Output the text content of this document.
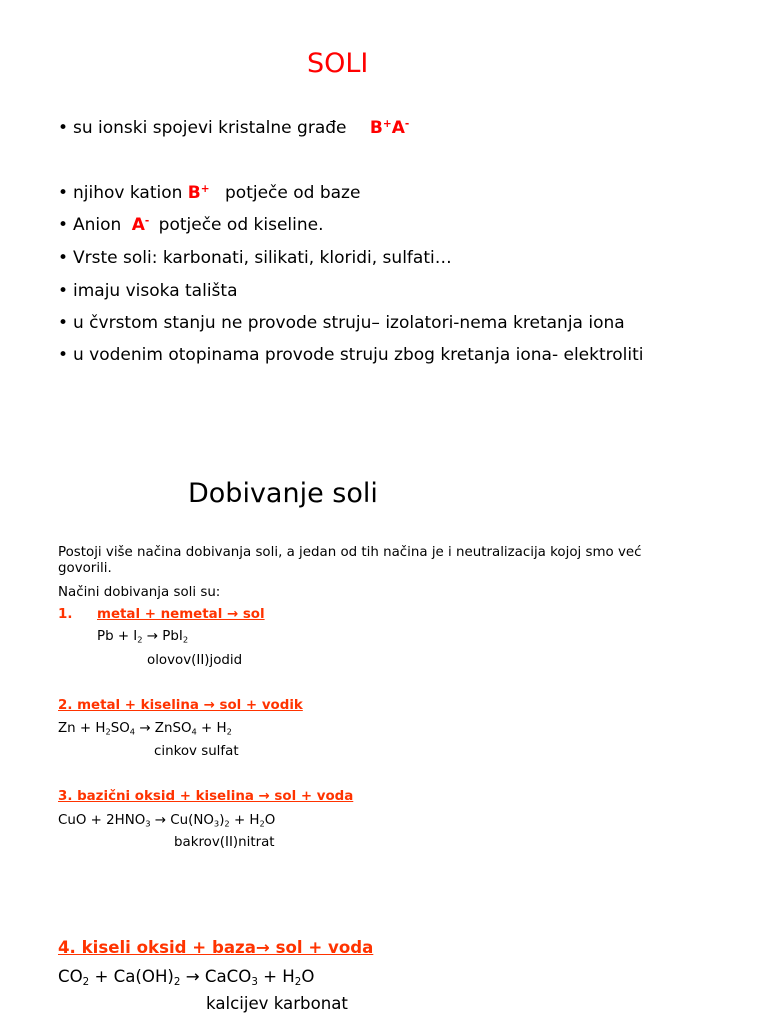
SOLI
• su ionski spojevi kristalne građe B+A-
• njihov kation B+ potječe od baze
• Anion A- potječe od kiseline.
• Vrste soli: karbonati, silikati, kloridi, sulfati…
• imaju visoka tališta
• u čvrstom stanju ne provode struju– izolatori-nema kretanja iona
• u vodenim otopinama provode struju zbog kretanja iona- elektroliti
Dobivanje soli
Postoji više načina dobivanja soli, a jedan od tih načina je i neutralizacija kojoj smo već
govorili.
Načini dobivanja soli su:
1. metal + nemetal → sol
$Pb + I_2 \to PbI_2$
olovov(II)jodid
2. metal + kiselina → sol + vodik
$Zn + H_2SO_4$ → ZnSO$_4$ + $H_2$
cinkov sulfat
3. bazični oksid + kiselina → sol + voda
CuO + $2HNO_3 \to Cu(NO_3)_2 + H_2O$
bakrov(II)nitrat
4. kiseli oksid + baza→ sol + voda
$CO_2 + Ca(OH)_2$ → CaCO$_3$ + $H_2O$
kalcijev karbonat
